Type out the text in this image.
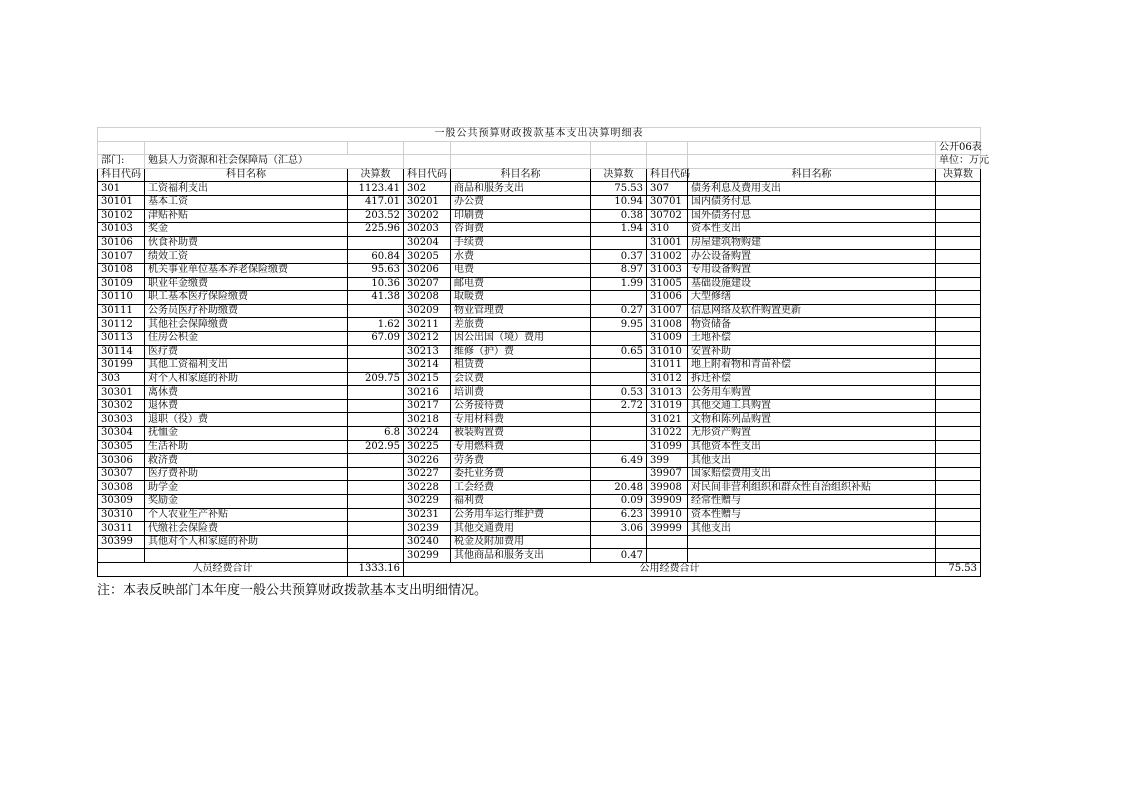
一般公共预算财政拨款基本支出决算明细表								
								公开06表
部门:	勉县人力资源和社会保障局（汇总）							单位：万元
科目代码	科目名称	决算数	科目代码	科目名称	决算数	科目代码	科目名称	决算数
301	工资福利支出	1123.41	302	商品和服务支出	75.53	307	债务利息及费用支出	
30101	基本工资	417.01	30201	办公费	10.94	30701	国内债务付息	
30102	津贴补贴	203.52	30202	印刷费	0.38	30702	国外债务付息	
30103	奖金	225.96	30203	咨询费	1.94	310	资本性支出	
30106	伙食补助费		30204	手续费		31001	房屋建筑物购建	
30107	绩效工资	60.84	30205	水费	0.37	31002	办公设备购置	
30108	机关事业单位基本养老保险缴费	95.63	30206	电费	8.97	31003	专用设备购置	
30109	职业年金缴费	10.36	30207	邮电费	1.99	31005	基础设施建设	
30110	职工基本医疗保险缴费	41.38	30208	取暖费		31006	大型修缮	
30111	公务员医疗补助缴费		30209	物业管理费	0.27	31007	信息网络及软件购置更新	
30112	其他社会保障缴费	1.62	30211	差旅费	9.95	31008	物资储备	
30113	住房公积金	67.09	30212	因公出国（境）费用		31009	土地补偿	
30114	医疗费		30213	维修（护）费	0.65	31010	安置补助	
30199	其他工资福利支出		30214	租赁费		31011	地上附着物和青苗补偿	
303	对个人和家庭的补助	209.75	30215	会议费		31012	拆迁补偿	
30301	离休费		30216	培训费	0.53	31013	公务用车购置	
30302	退休费		30217	公务接待费	2.72	31019	其他交通工具购置	
30303	退职（役）费		30218	专用材料费		31021	文物和陈列品购置	
30304	抚恤金	6.8	30224	被装购置费		31022	无形资产购置	
30305	生活补助	202.95	30225	专用燃料费		31099	其他资本性支出	
30306	救济费		30226	劳务费	6.49	399	其他支出	
30307	医疗费补助		30227	委托业务费		39907	国家赔偿费用支出	
30308	助学金		30228	工会经费	20.48	39908	对民间非营利组织和群众性自治组织补贴	
30309	奖励金		30229	福利费	0.09	39909	经常性赠与	
30310	个人农业生产补贴		30231	公务用车运行维护费	6.23	39910	资本性赠与	
30311	代缴社会保险费		30239	其他交通费用	3.06	39999	其他支出	
30399	其他对个人和家庭的补助		30240	税金及附加费用				
			30299	其他商品和服务支出	0.47			
人员经费合计		1333.16	公用经费合计					75.53
注：本表反映部门本年度一般公共预算财政拨款基本支出明细情况。
